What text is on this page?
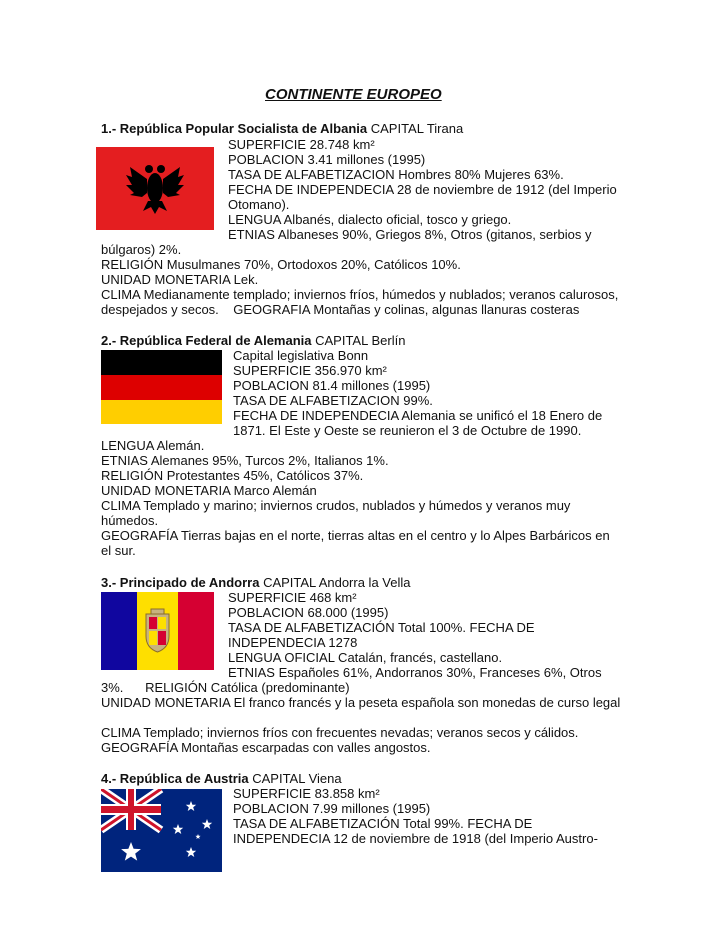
CONTINENTE EUROPEO
1.- República Popular Socialista de Albania CAPITAL Tirana
SUPERFICIE 28.748 km²
POBLACION 3.41 millones (1995)
TASA DE ALFABETIZACION Hombres 80% Mujeres 63%.
FECHA DE INDEPENDECIA 28 de noviembre de 1912 (del Imperio
Otomano).
LENGUA Albanés, dialecto oficial, tosco y griego.
ETNIAS Albaneses 90%, Griegos 8%, Otros (gitanos, serbios y
búlgaros) 2%.
RELIGIÓN Musulmanes 70%, Ortodoxos 20%, Católicos 10%.
UNIDAD MONETARIA Lek.
CLIMA Medianamente templado; inviernos fríos, húmedos y nublados; veranos calurosos,
despejados y secos.    GEOGRAFIA Montañas y colinas, algunas llanuras costeras
2.- República Federal de Alemania CAPITAL Berlín
Capital legislativa Bonn
SUPERFICIE 356.970 km²
POBLACION 81.4 millones (1995)
TASA DE ALFABETIZACION 99%.
FECHA DE INDEPENDECIA Alemania se unificó el 18 Enero de
1871. El Este y Oeste se reunieron el 3 de Octubre de 1990.
LENGUA Alemán.
ETNIAS Alemanes 95%, Turcos 2%, Italianos 1%.
RELIGIÓN Protestantes 45%, Católicos 37%.
UNIDAD MONETARIA Marco Alemán
CLIMA Templado y marino; inviernos crudos, nublados y húmedos y veranos muy
húmedos.
GEOGRAFÍA Tierras bajas en el norte, tierras altas en el centro y lo Alpes Barbáricos en
el sur.
3.- Principado de Andorra CAPITAL Andorra la Vella
SUPERFICIE 468 km²
POBLACION 68.000 (1995)
TASA DE ALFABETIZACIÓN Total 100%. FECHA DE
INDEPENDECIA 1278
LENGUA OFICIAL Catalán, francés, castellano.
ETNIAS Españoles 61%, Andorranos 30%, Franceses 6%, Otros
3%.      RELIGIÓN Católica (predominante)
UNIDAD MONETARIA El franco francés y la peseta española son monedas de curso legal
CLIMA Templado; inviernos fríos con frecuentes nevadas; veranos secos y cálidos.
GEOGRAFÍA Montañas escarpadas con valles angostos.
4.- República de Austria CAPITAL Viena
SUPERFICIE 83.858 km²
POBLACION 7.99 millones (1995)
TASA DE ALFABETIZACIÓN Total 99%. FECHA DE
INDEPENDECIA 12 de noviembre de 1918 (del Imperio Austro-
